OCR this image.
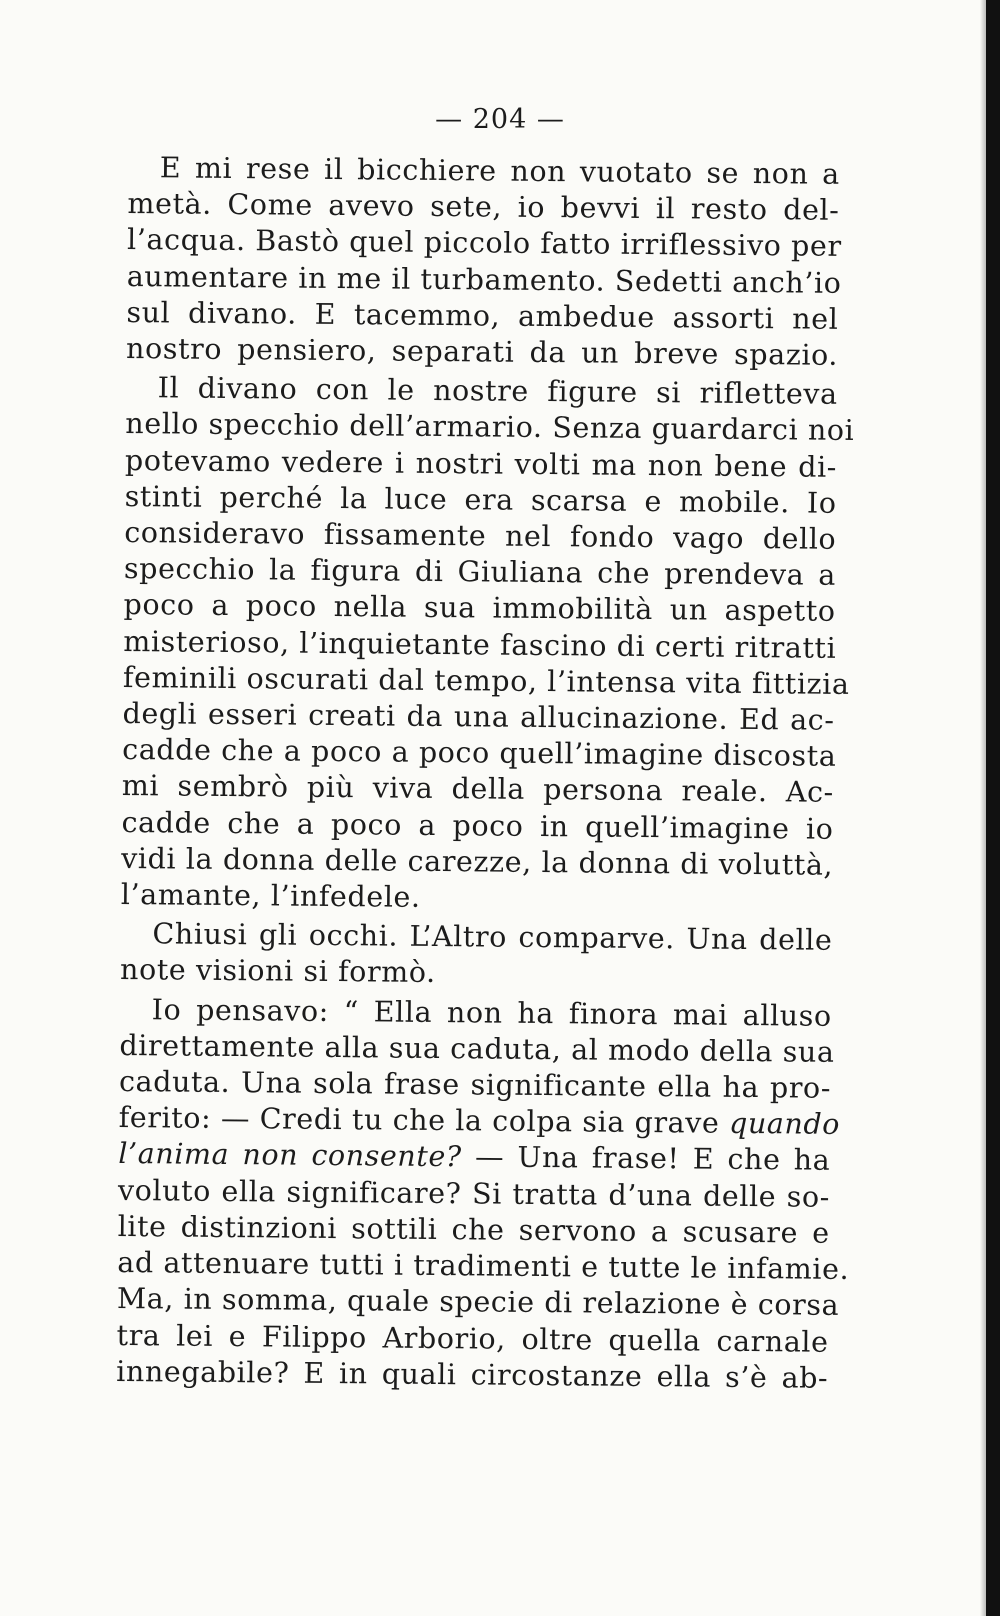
— 204 —
E mi rese il bicchiere non vuotato se non a
metà. Come avevo sete, io bevvi il resto del-
l’acqua. Bastò quel piccolo fatto irriflessivo per
aumentare in me il turbamento. Sedetti anch’io
sul divano. E tacemmo, ambedue assorti nel
nostro pensiero, separati da un breve spazio.
Il divano con le nostre figure si rifletteva
nello specchio dell’armario. Senza guardarci noi
potevamo vedere i nostri volti ma non bene di-
stinti perché la luce era scarsa e mobile. Io
consideravo fissamente nel fondo vago dello
specchio la figura di Giuliana che prendeva a
poco a poco nella sua immobilità un aspetto
misterioso, l’inquietante fascino di certi ritratti
feminili oscurati dal tempo, l’intensa vita fittizia
degli esseri creati da una allucinazione. Ed ac-
cadde che a poco a poco quell’imagine discosta
mi sembrò più viva della persona reale. Ac-
cadde che a poco a poco in quell’imagine io
vidi la donna delle carezze, la donna di voluttà,
l’amante, l’infedele.
Chiusi gli occhi. L’Altro comparve. Una delle
note visioni si formò.
Io pensavo: “ Ella non ha finora mai alluso
direttamente alla sua caduta, al modo della sua
caduta. Una sola frase significante ella ha pro-
ferito: — Credi tu che la colpa sia grave quando
l’anima non consente? — Una frase! E che ha
voluto ella significare? Si tratta d’una delle so-
lite distinzioni sottili che servono a scusare e
ad attenuare tutti i tradimenti e tutte le infamie.
Ma, in somma, quale specie di relazione è corsa
tra lei e Filippo Arborio, oltre quella carnale
innegabile? E in quali circostanze ella s’è ab-
